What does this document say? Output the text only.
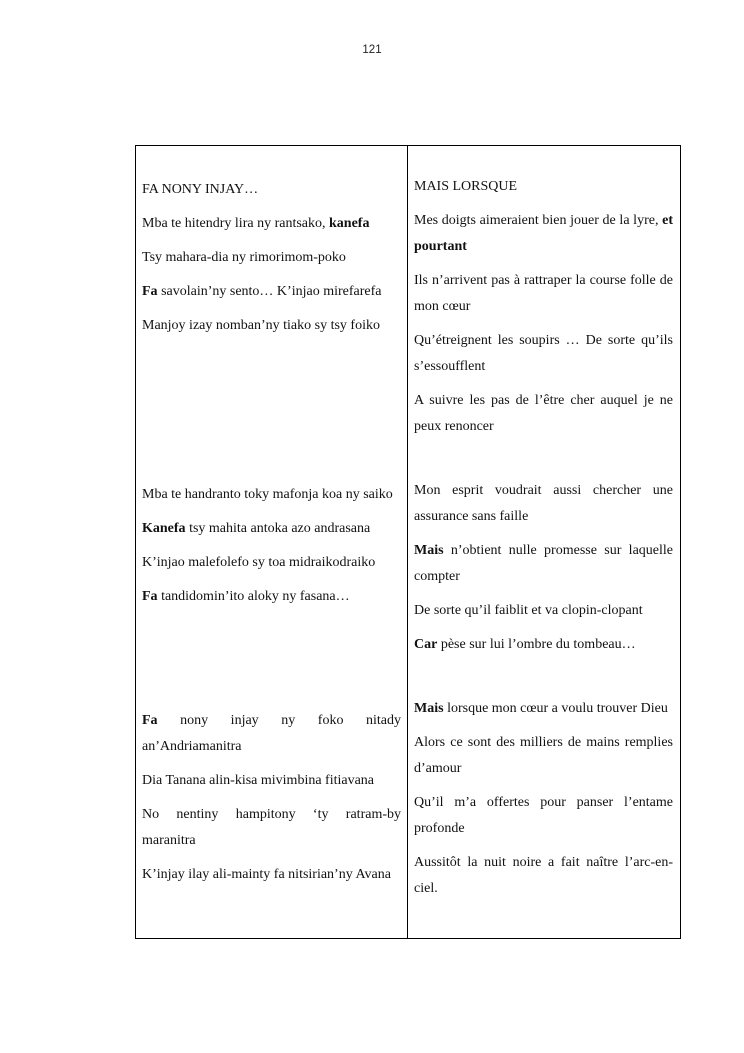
121

FA NONY INJAY…

Mba te hitendry lira ny rantsako, kanefa

Tsy mahara-dia ny rimorimom-poko

Fa savolain’ny sento… K’injao mirefarefa

Manjoy izay nomban’ny tiako sy tsy foiko

Mba te handranto toky mafonja koa ny saiko

Kanefa tsy mahita antoka azo andrasana

K’injao malefolefo sy toa midraikodraiko

Fa tandidomin’ito aloky ny fasana…

Fa nony injay ny foko nitady an’Andriamanitra

Dia Tanana alin-kisa mivimbina fitiavana

No nentiny hampitony ‘ty ratram-by maranitra

K’injay ilay ali-mainty fa nitsirian’ny Avana

MAIS LORSQUE

Mes doigts aimeraient bien jouer de la lyre, et pourtant

Ils n’arrivent pas à rattraper la course folle de mon cœur

Qu’étreignent les soupirs … De sorte qu’ils s’essoufflent

A suivre les pas de l’être cher auquel je ne peux renoncer

Mon esprit voudrait aussi chercher une assurance sans faille

Mais n’obtient nulle promesse sur laquelle compter

De sorte qu’il faiblit et va clopin-clopant

Car pèse sur lui l’ombre du tombeau…

Mais lorsque mon cœur a voulu trouver Dieu

Alors ce sont des milliers de mains remplies d’amour

Qu’il m’a offertes pour panser l’entame profonde

Aussitôt la nuit noire a fait naître l’arc-en-ciel.
